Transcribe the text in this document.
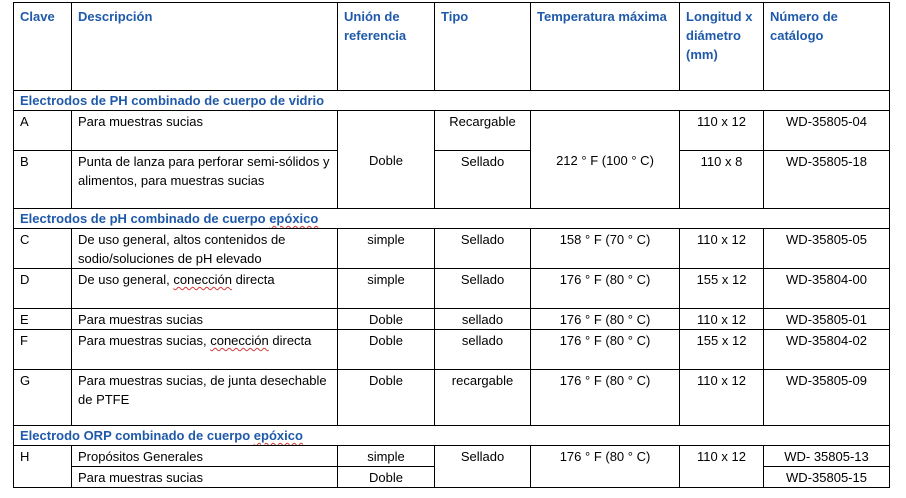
Clave	Descripción	Unión de referencia	Tipo	Temperatura máxima	Longitud x diámetro (mm)	Número de catálogo
Electrodos de PH combinado de cuerpo de vidrio						
A	Para muestras sucias	Doble	Recargable	212 ° F (100 ° C)	110 x 12	WD-35805-04
B	Punta de lanza para perforar semi-sólidos y alimentos, para muestras sucias		Sellado		110 x 8	WD-35805-18
Electrodos de pH combinado de cuerpo epóxico						
C	De uso general, altos contenidos de sodio/soluciones de pH elevado	simple	Sellado	158 ° F (70 ° C)	110 x 12	WD-35805-05
D	De uso general, conección directa	simple	Sellado	176 ° F (80 ° C)	155 x 12	WD-35804-00
E	Para muestras sucias	Doble	sellado	176 ° F (80 ° C)	110 x 12	WD-35805-01
F	Para muestras sucias, conección directa	Doble	sellado	176 ° F (80 ° C)	155 x 12	WD-35804-02
G	Para muestras sucias, de junta desechable de PTFE	Doble	recargable	176 ° F (80 ° C)	110 x 12	WD-35805-09
Electrodo ORP combinado de cuerpo epóxico						
H	Propósitos Generales	simple	Sellado	176 ° F (80 ° C)	110 x 12	WD- 35805-13
	Para muestras sucias	Doble				WD-35805-15
